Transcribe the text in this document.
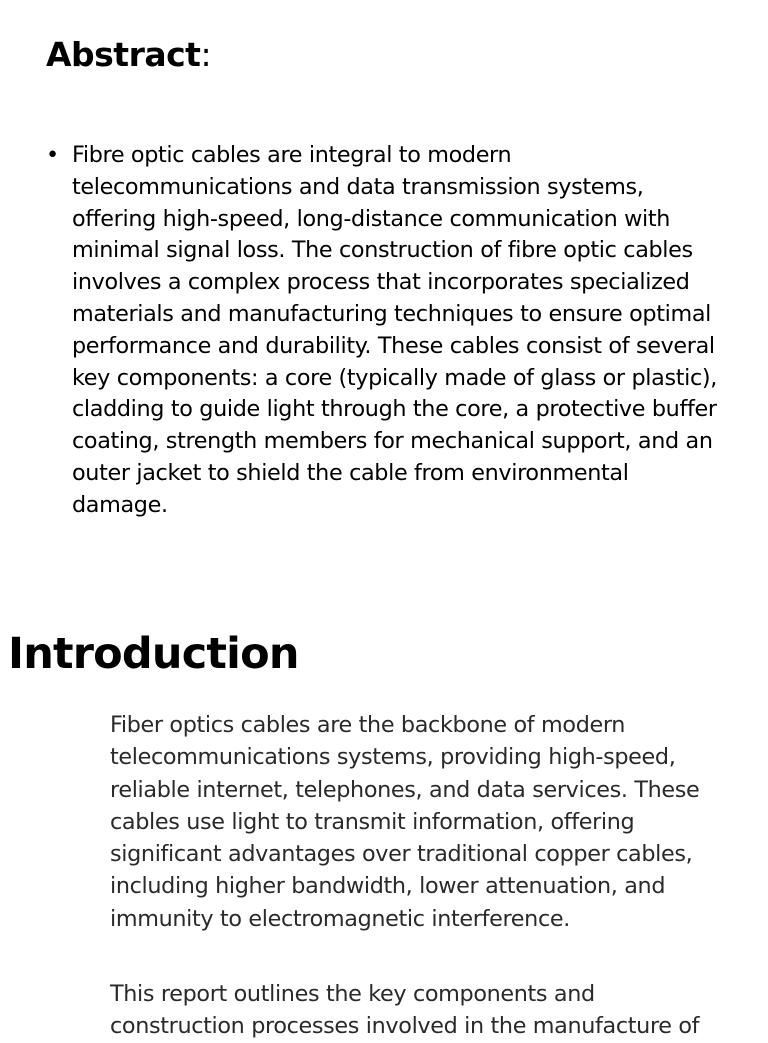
Abstract:
• Fibre optic cables are integral to modern telecommunications and data transmission systems, offering high-speed, long-distance communication with minimal signal loss. The construction of fibre optic cables involves a complex process that incorporates specialized materials and manufacturing techniques to ensure optimal performance and durability. These cables consist of several key components: a core (typically made of glass or plastic), cladding to guide light through the core, a protective buffer coating, strength members for mechanical support, and an outer jacket to shield the cable from environmental damage.
Introduction

Fiber optics cables are the backbone of modern telecommunications systems, providing high-speed, reliable internet, telephones, and data services. These cables use light to transmit information, offering significant advantages over traditional copper cables, including higher bandwidth, lower attenuation, and immunity to electromagnetic interference.

This report outlines the key components and construction processes involved in the manufacture of
